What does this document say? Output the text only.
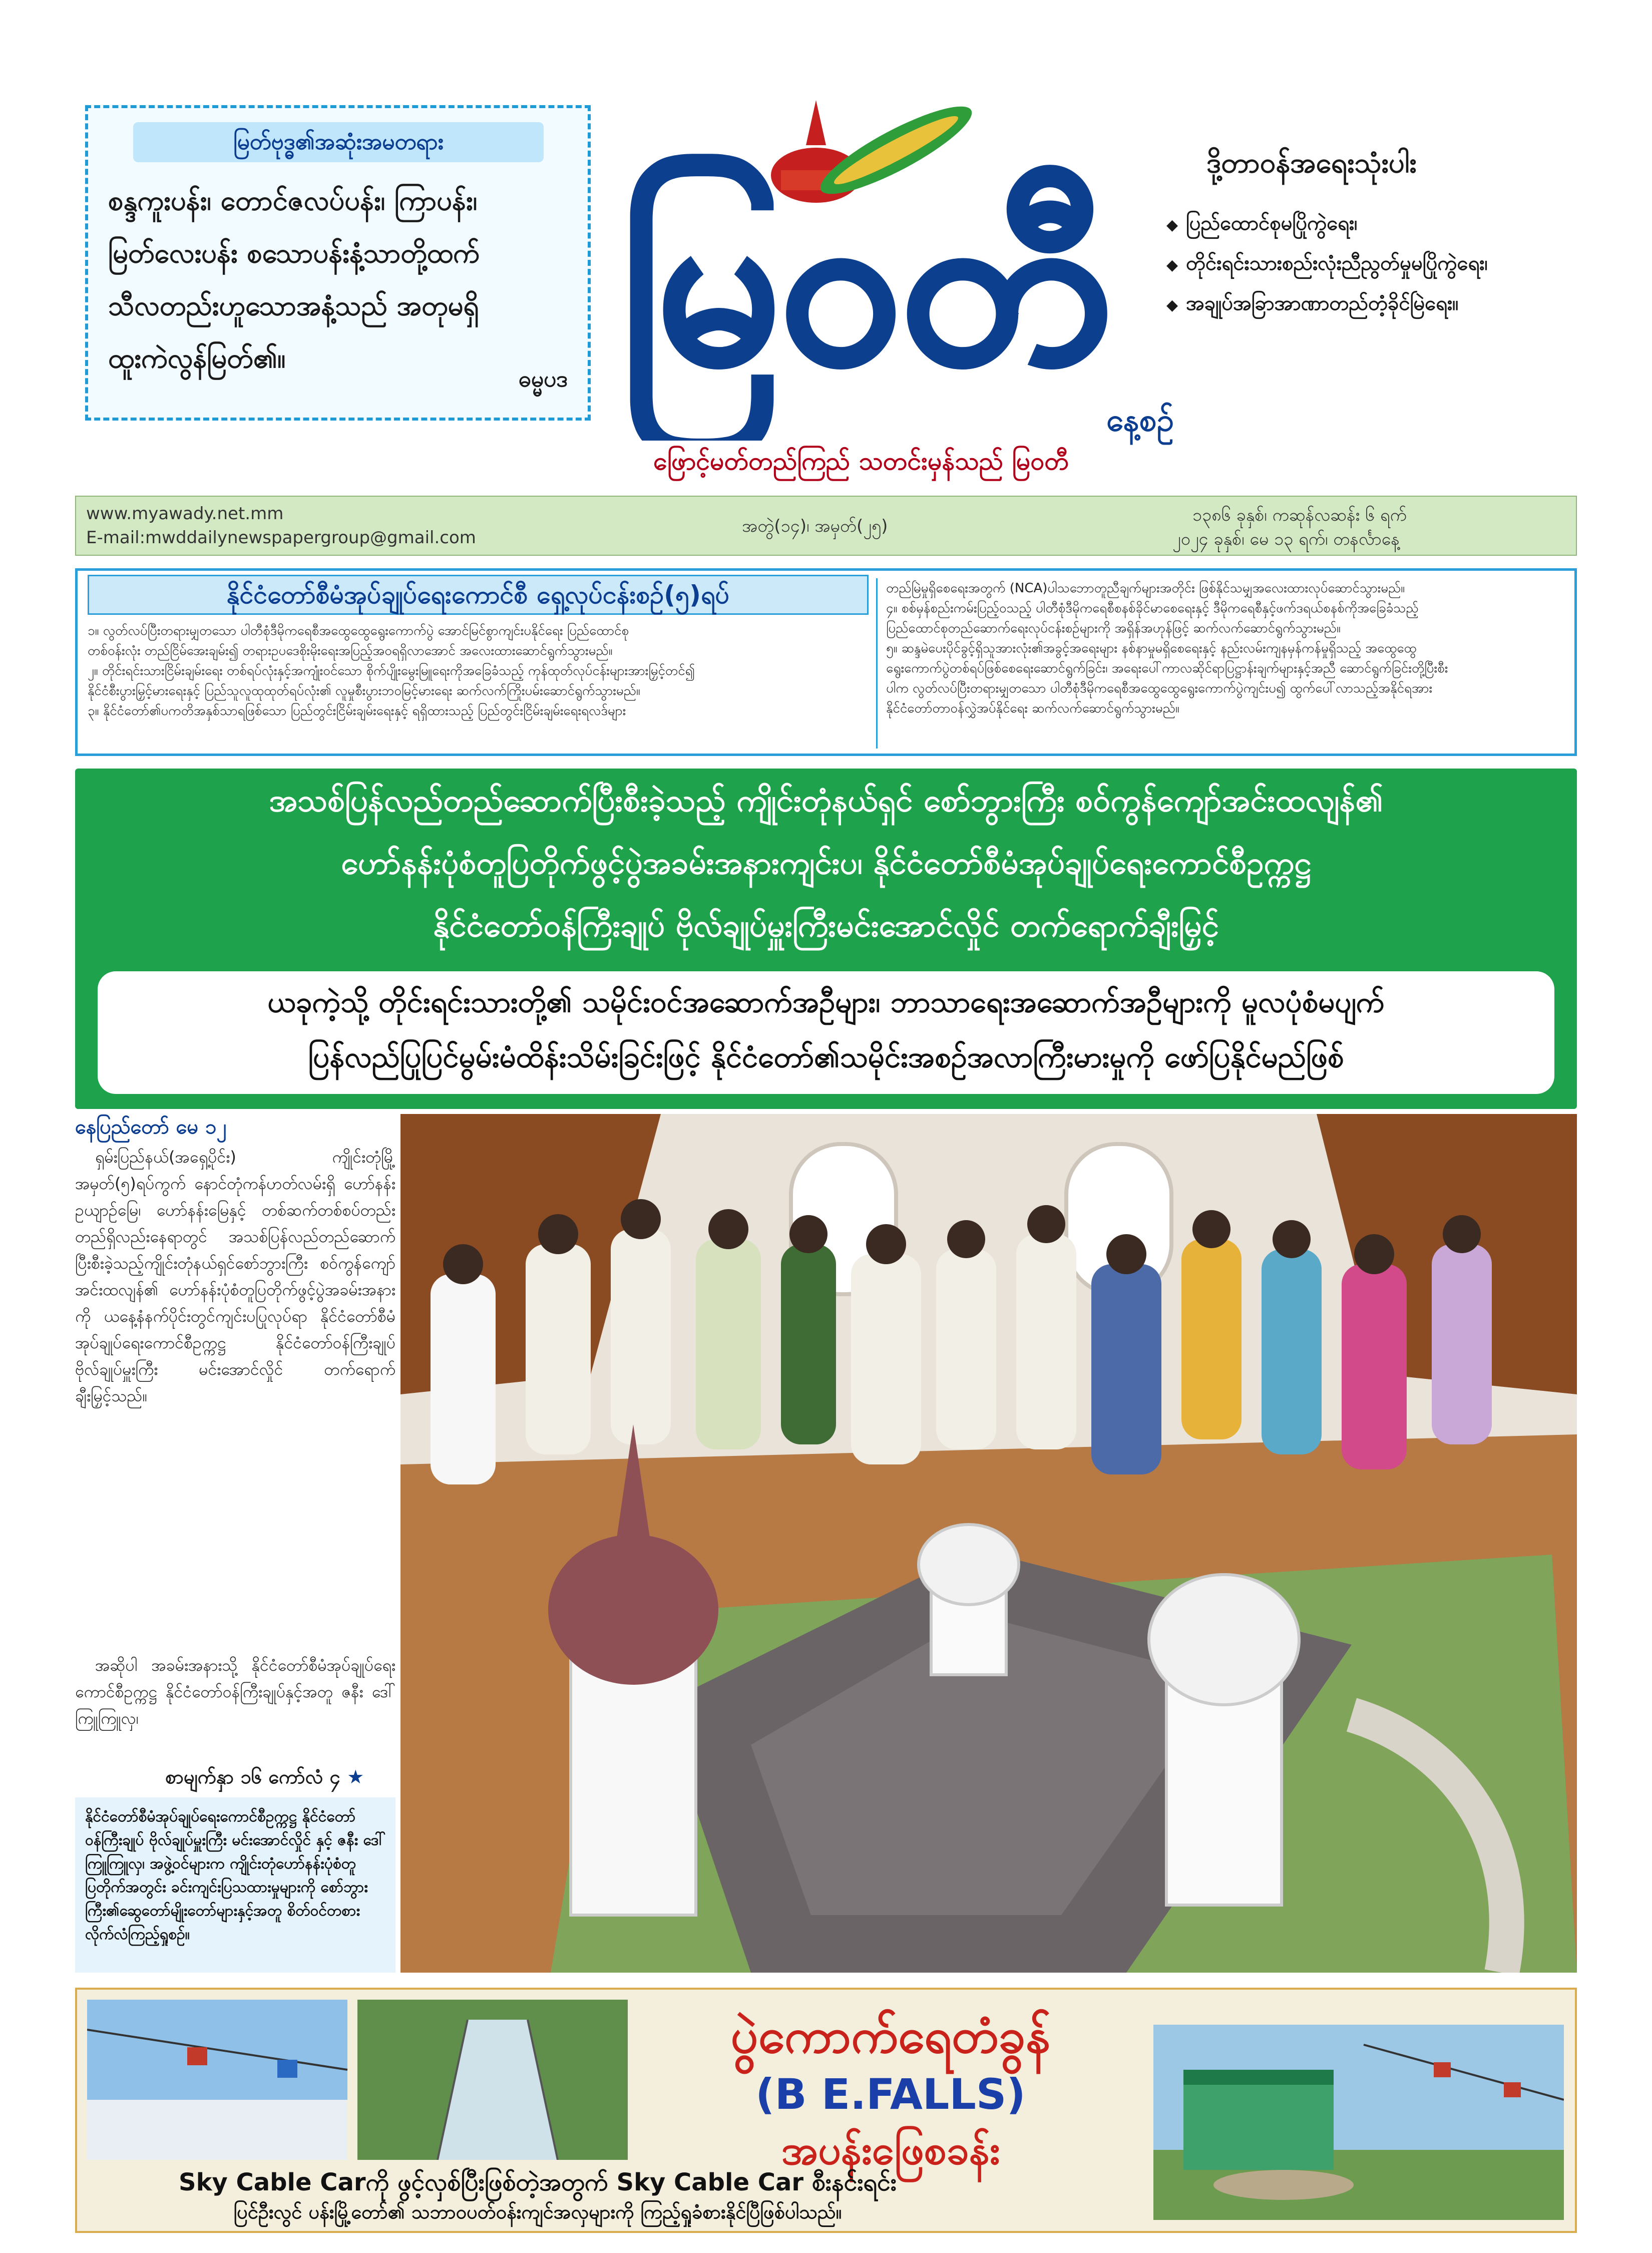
မြတ်ဗုဒ္ဓ၏အဆုံးအမတရား
စန္ဒကူးပန်း၊ တောင်ဇလပ်ပန်း၊ ကြာပန်း၊
မြတ်လေးပန်း စသောပန်းနံ့သာတို့ထက်
သီလတည်းဟူသောအနံ့သည် အတုမရှိ
ထူးကဲလွန်မြတ်၏။
ဓမ္မပဒ မြဝတီ
နေ့စဉ်
ဖြောင့်မတ်တည်ကြည် သတင်းမှန်သည် မြဝတီ
ဒို့တာဝန်အရေးသုံးပါး
◆ ပြည်ထောင်စုမပြိုကွဲရေး၊
◆ တိုင်းရင်းသားစည်းလုံးညီညွတ်မှုမပြိုကွဲရေး၊
◆ အချုပ်အခြာအာဏာတည်တံ့ခိုင်မြဲရေး။
www.myawady.net.mm
E-mail:mwddailynewspapergroup@gmail.com
အတွဲ(၁၄)၊ အမှတ်(၂၅)
၁၃၈၆ ခုနှစ်၊ ကဆုန်လဆန်း ၆ ရက်
၂၀၂၄ ခုနှစ်၊ မေ ၁၃ ရက်၊ တနင်္လာနေ့
နိုင်ငံတော်စီမံအုပ်ချုပ်ရေးကောင်စီ ရှေ့လုပ်ငန်းစဉ်(၅)ရပ်
၁။ လွတ်လပ်ပြီးတရားမျှတသော ပါတီစုံဒီမိုကရေစီအထွေထွေရွေးကောက်ပွဲ အောင်မြင်စွာကျင်းပနိုင်ရေး ပြည်ထောင်စု
တစ်ဝန်းလုံး တည်ငြိမ်အေးချမ်း၍ တရားဥပဒေစိုးမိုးရေးအပြည့်အဝရရှိလာအောင် အလေးထားဆောင်ရွက်သွားမည်။
၂။ တိုင်းရင်းသားငြိမ်းချမ်းရေး တစ်ရပ်လုံးနှင့်အကျုံးဝင်သော စိုက်ပျိုးမွေးမြူရေးကိုအခြေခံသည့် ကုန်ထုတ်လုပ်ငန်းများအားမြှင့်တင်၍
နိုင်ငံစီးပွားမြှင့်မားရေးနှင့် ပြည်သူလူထုထုတ်ရပ်လုံး၏ လူမှုစီးပွားဘဝမြင့်မားရေး ဆက်လက်ကြိုးပမ်းဆောင်ရွက်သွားမည်။
၃။ နိုင်ငံတော်၏ပကတိအနှစ်သာရဖြစ်သော ပြည်တွင်းငြိမ်းချမ်းရေးနှင့် ရရှိထားသည့် ပြည်တွင်းငြိမ်းချမ်းရေးရလဒ်များ
တည်မြဲမှုရှိစေရေးအတွက် (NCA)ပါသဘောတူညီချက်များအတိုင်း ဖြစ်နိုင်သမျှအလေးထားလုပ်ဆောင်သွားမည်။
၄။ စစ်မှန်စည်းကမ်းပြည့်ဝသည့် ပါတီစုံဒီမိုကရေစီစနစ်ခိုင်မာစေရေးနှင့် ဒီမိုကရေစီနှင့်ဖက်ဒရယ်စနစ်ကိုအခြေခံသည့်
ပြည်ထောင်စုတည်ဆောက်ရေးလုပ်ငန်းစဉ်များကို အရှိန်အဟုန်ဖြင့် ဆက်လက်ဆောင်ရွက်သွားမည်။
၅။ ဆန္ဒမဲပေးပိုင်ခွင့်ရှိသူအားလုံး၏အခွင့်အရေးများ နစ်နာမှုမရှိစေရေးနှင့် နည်းလမ်းကျနမှန်ကန်မှုရှိသည့် အထွေထွေ
ရွေးကောက်ပွဲတစ်ရပ်ဖြစ်စေရေးဆောင်ရွက်ခြင်း၊ အရေးပေါ်ကာလဆိုင်ရာပြဋ္ဌာန်းချက်များနှင့်အညီ ဆောင်ရွက်ခြင်းတို့ပြီးစီး
ပါက လွတ်လပ်ပြီးတရားမျှတသော ပါတီစုံဒီမိုကရေစီအထွေထွေရွေးကောက်ပွဲကျင်းပ၍ ထွက်ပေါ်လာသည့်အနိုင်ရအား
နိုင်ငံတော်တာဝန်လွှဲအပ်နိုင်ရေး ဆက်လက်ဆောင်ရွက်သွားမည်။
အသစ်ပြန်လည်တည်ဆောက်ပြီးစီးခဲ့သည့် ကျိုင်းတုံနယ်ရှင် စော်ဘွားကြီး စဝ်ကွန်ကျော်အင်းထလျန်၏
ဟော်နန်းပုံစံတူပြတိုက်ဖွင့်ပွဲအခမ်းအနားကျင်းပ၊ နိုင်ငံတော်စီမံအုပ်ချုပ်ရေးကောင်စီဥက္ကဋ္ဌ
နိုင်ငံတော်ဝန်ကြီးချုပ် ဗိုလ်ချုပ်မှူးကြီးမင်းအောင်လှိုင် တက်ရောက်ချီးမြှင့်
ယခုကဲ့သို့ တိုင်းရင်းသားတို့၏ သမိုင်းဝင်အဆောက်အဦများ၊ ဘာသာရေးအဆောက်အဦများကို မူလပုံစံမပျက်
ပြန်လည်ပြုပြင်မွမ်းမံထိန်းသိမ်းခြင်းဖြင့် နိုင်ငံတော်၏သမိုင်းအစဉ်အလာကြီးမားမှုကို ဖော်ပြနိုင်မည်ဖြစ်
နေပြည်တော် မေ ၁၂
ရှမ်းပြည်နယ်(အရှေ့ပိုင်း) ကျိုင်းတုံမြို့ အမှတ်(၅)ရပ်ကွက် နောင်တုံကန်ဟတ်လမ်းရှိ ဟော်နန်းဥယျာဉ်မြေ၊ ဟော်နန်းမြေနှင့် တစ်ဆက်တစ်စပ်တည်း တည်ရှိလည်းနေရာတွင် အသစ်ပြန်လည်တည်ဆောက်ပြီးစီးခဲ့သည့်ကျိုင်းတုံနယ်ရှင်စော်ဘွားကြီး စဝ်ကွန်ကျော်အင်းထလျန်၏ ဟော်နန်းပုံစံတူပြတိုက်ဖွင့်ပွဲအခမ်းအနားကို ယနေ့နံနက်ပိုင်းတွင်ကျင်းပပြုလုပ်ရာ နိုင်ငံတော်စီမံအုပ်ချုပ်ရေးကောင်စီဥက္ကဋ္ဌ နိုင်ငံတော်ဝန်ကြီးချုပ် ဗိုလ်ချုပ်မှူးကြီး မင်းအောင်လှိုင် တက်ရောက်ချီးမြှင့်သည်။
အဆိုပါ အခမ်းအနားသို့ နိုင်ငံတော်စီမံအုပ်ချုပ်ရေးကောင်စီဥက္ကဋ္ဌ နိုင်ငံတော်ဝန်ကြီးချုပ်နှင့်အတူ ဇနီး ဒေါ်ကြူကြူလှ၊
စာမျက်နှာ ၁၆ ကော်လံ ၄ ★
နိုင်ငံတော်စီမံအုပ်ချုပ်ရေးကောင်စီဥက္ကဋ္ဌ နိုင်ငံတော်ဝန်ကြီးချုပ် ဗိုလ်ချုပ်မှူးကြီး မင်းအောင်လှိုင် နှင့် ဇနီး ဒေါ်ကြူကြူလှ၊ အဖွဲ့ဝင်များက ကျိုင်းတုံဟော်နန်းပုံစံတူ ပြတိုက်အတွင်း ခင်းကျင်းပြသထားမှုများကို စော်ဘွားကြီး၏ဆွေတော်မျိုးတော်များနှင့်အတူ စိတ်ဝင်တစားလိုက်လံကြည့်ရှုစဉ်။
ပွဲကောက်ရေတံခွန်
(B E.FALLS)
အပန်းဖြေစခန်း
Sky Cable Carကို ဖွင့်လှစ်ပြီးဖြစ်တဲ့အတွက် Sky Cable Car စီးနင်းရင်း
ပြင်ဦးလွင် ပန်းမြို့တော်၏ သဘာဝပတ်ဝန်းကျင်အလှများကို ကြည့်ရှုခံစားနိုင်ပြီဖြစ်ပါသည်။
